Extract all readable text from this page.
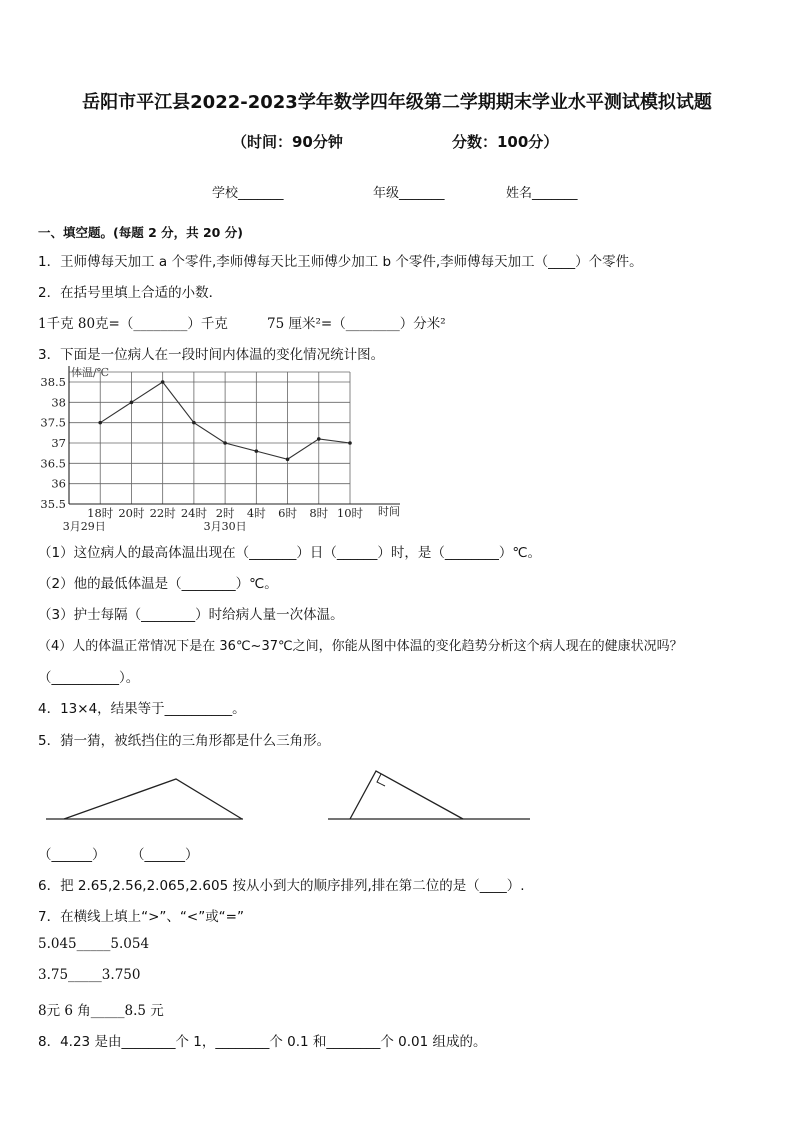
岳阳市平江县2022-2023学年数学四年级第二学期期末学业水平测试模拟试题
（时间：90分钟	分数：100分）
学校_______	年级_______	姓名_______
一、填空题。(每题 2 分，共 20 分)
1．王师傅每天加工 a 个零件,李师傅每天比王师傅少加工 b 个零件,李师傅每天加工（____）个零件。
2．在括号里填上合适的小数．
1千克 80克=（________）千克	75 厘米²=（________）分米²
3．下面是一位病人在一段时间内体温的变化情况统计图。
35.5
36
36.5
37
37.5
38
38.5
体温/℃
时间
18时 20时 22时 24时 2时 4时 6时 8时 10时
3月29日	3月30日
（1）这位病人的最高体温出现在（_______）日（______）时，是（________）℃。
（2）他的最低体温是（________）℃。
（3）护士每隔（________）时给病人量一次体温。
（4）人的体温正常情况下是在 36℃~37℃之间，你能从图中体温的变化趋势分析这个病人现在的健康状况吗？
（__________）。
4．13×4，结果等于__________。
5．猜一猜，被纸挡住的三角形都是什么三角形。
（______） （______）
6．把 2.65,2.56,2.065,2.605 按从小到大的顺序排列,排在第二位的是（____）.
7．在横线上填上“>”、“<”或“=”
5.045_____5.054
3.75_____3.750
8元 6 角_____8.5 元
8．4.23 是由________个 1，________个 0.1 和________个 0.01 组成的。
